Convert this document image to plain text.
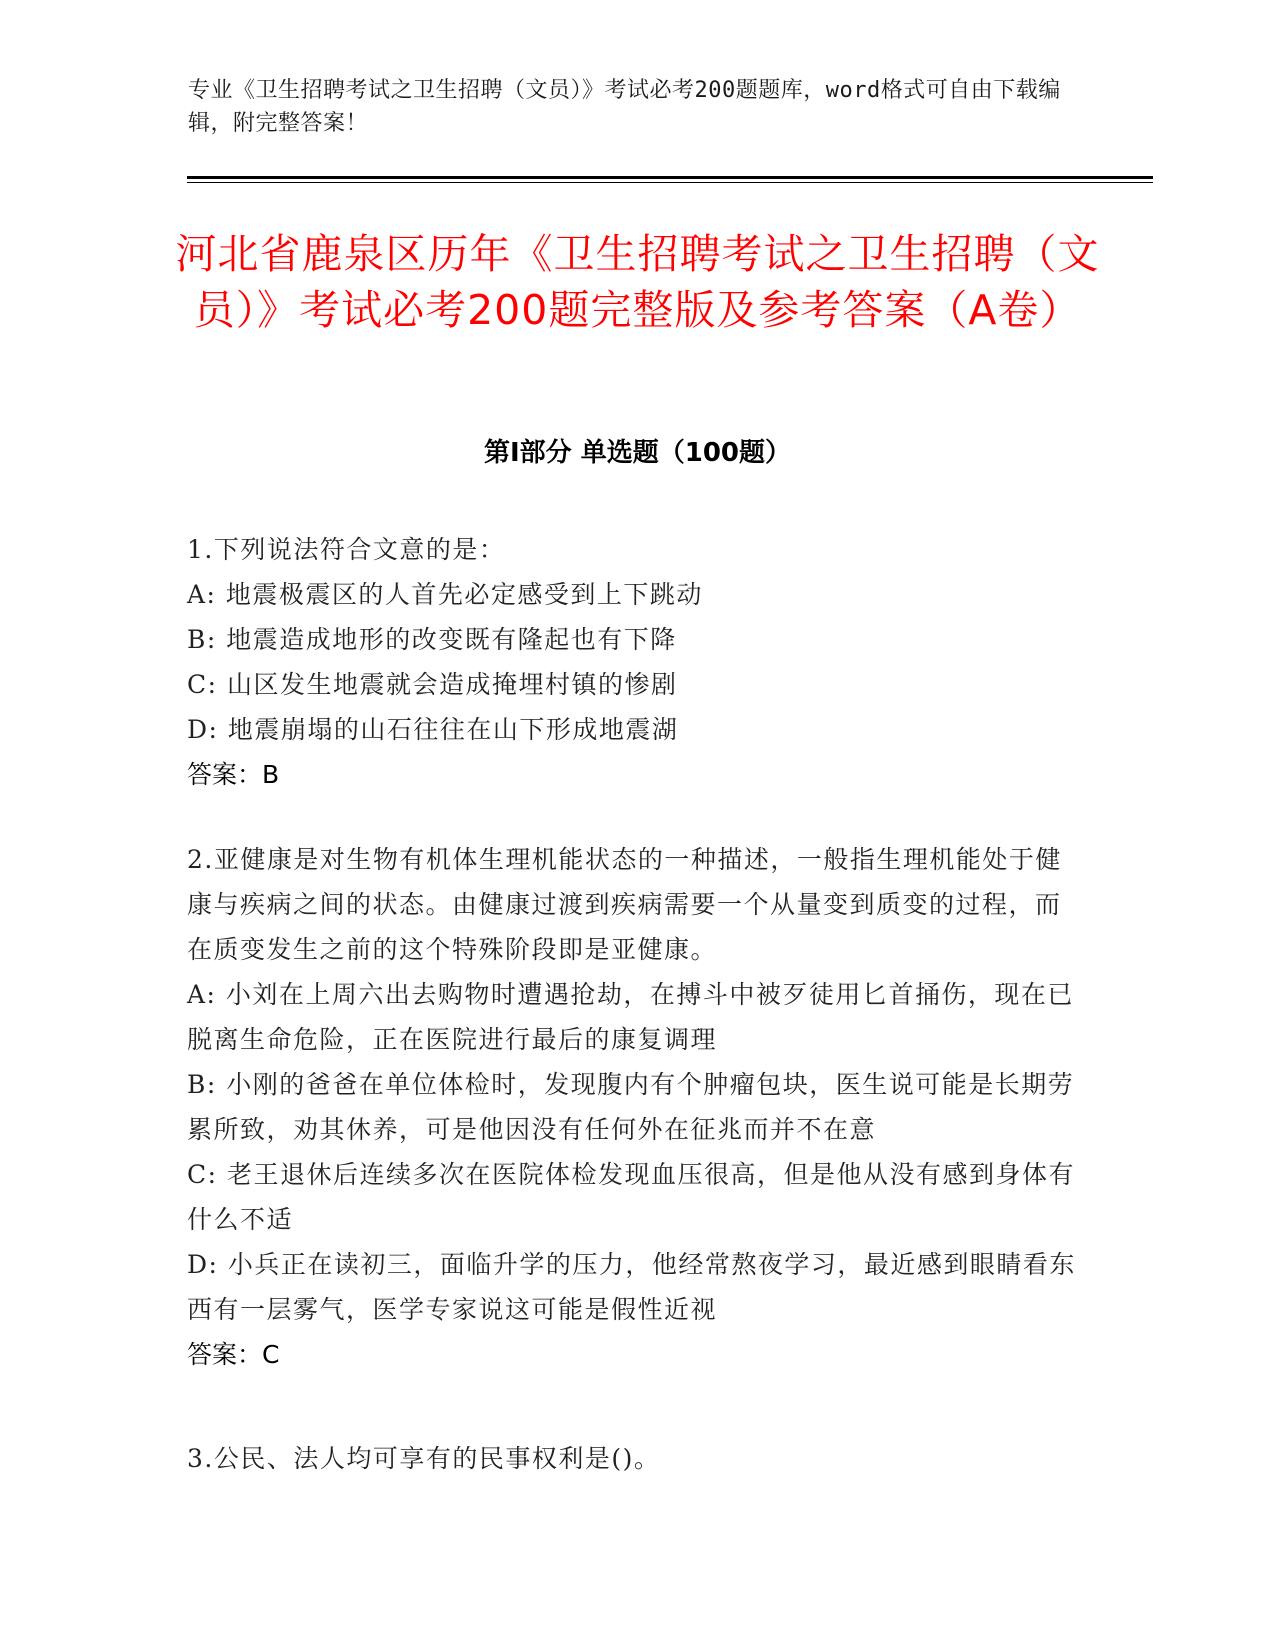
专业《卫生招聘考试之卫生招聘（文员）》考试必考200题题库，word格式可自由下载编辑，附完整答案！
河北省鹿泉区历年《卫生招聘考试之卫生招聘（文员）》考试必考200题完整版及参考答案（A卷）
第Ⅰ部分 单选题（100题）
1.下列说法符合文意的是：
A: 地震极震区的人首先必定感受到上下跳动
B: 地震造成地形的改变既有隆起也有下降
C: 山区发生地震就会造成掩埋村镇的惨剧
D: 地震崩塌的山石往往在山下形成地震湖
答案：B
2.亚健康是对生物有机体生理机能状态的一种描述，一般指生理机能处于健康与疾病之间的状态。由健康过渡到疾病需要一个从量变到质变的过程，而在质变发生之前的这个特殊阶段即是亚健康。
A: 小刘在上周六出去购物时遭遇抢劫，在搏斗中被歹徒用匕首捅伤，现在已脱离生命危险，正在医院进行最后的康复调理
B: 小刚的爸爸在单位体检时，发现腹内有个肿瘤包块，医生说可能是长期劳累所致，劝其休养，可是他因没有任何外在征兆而并不在意
C: 老王退休后连续多次在医院体检发现血压很高，但是他从没有感到身体有什么不适
D: 小兵正在读初三，面临升学的压力，他经常熬夜学习，最近感到眼睛看东西有一层雾气，医学专家说这可能是假性近视
答案：C
3.公民、法人均可享有的民事权利是()。
